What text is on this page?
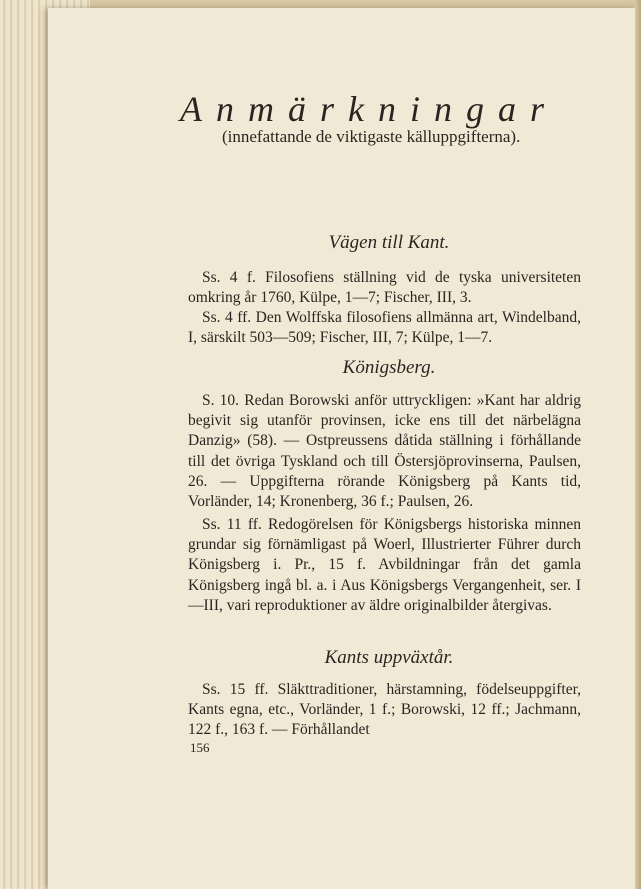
Anmärkningar
(innefattande de viktigaste källuppgifterna).
Vägen till Kant.
Ss. 4 f. Filosofiens ställning vid de tyska universiteten omkring år 1760, Külpe, 1—7; Fischer, III, 3.
Ss. 4 ff. Den Wolffska filosofiens allmänna art, Windelband, I, särskilt 503—509; Fischer, III, 7; Külpe, 1—7.
Königsberg.
S. 10. Redan Borowski anför uttryckligen: »Kant har aldrig begivit sig utanför provinsen, icke ens till det närbelägna Danzig» (58). — Ostpreussens dåtida ställning i förhållande till det övriga Tyskland och till Östersjöprovinserna, Paulsen, 26. — Uppgifterna rörande Königsberg på Kants tid, Vorländer, 14; Kronenberg, 36 f.; Paulsen, 26.
Ss. 11 ff. Redogörelsen för Königsbergs historiska minnen grundar sig förnämligast på Woerl, Illustrierter Führer durch Königsberg i. Pr., 15 f. Avbildningar från det gamla Königsberg ingå bl. a. i Aus Königsbergs Vergangenheit, ser. I—III, vari reproduktioner av äldre originalbilder återgivas.
Kants uppväxtår.
Ss. 15 ff. Släkttraditioner, härstamning, födelseuppgifter, Kants egna, etc., Vorländer, 1 f.; Borowski, 12 ff.; Jachmann, 122 f., 163 f. — Förhållandet
156
